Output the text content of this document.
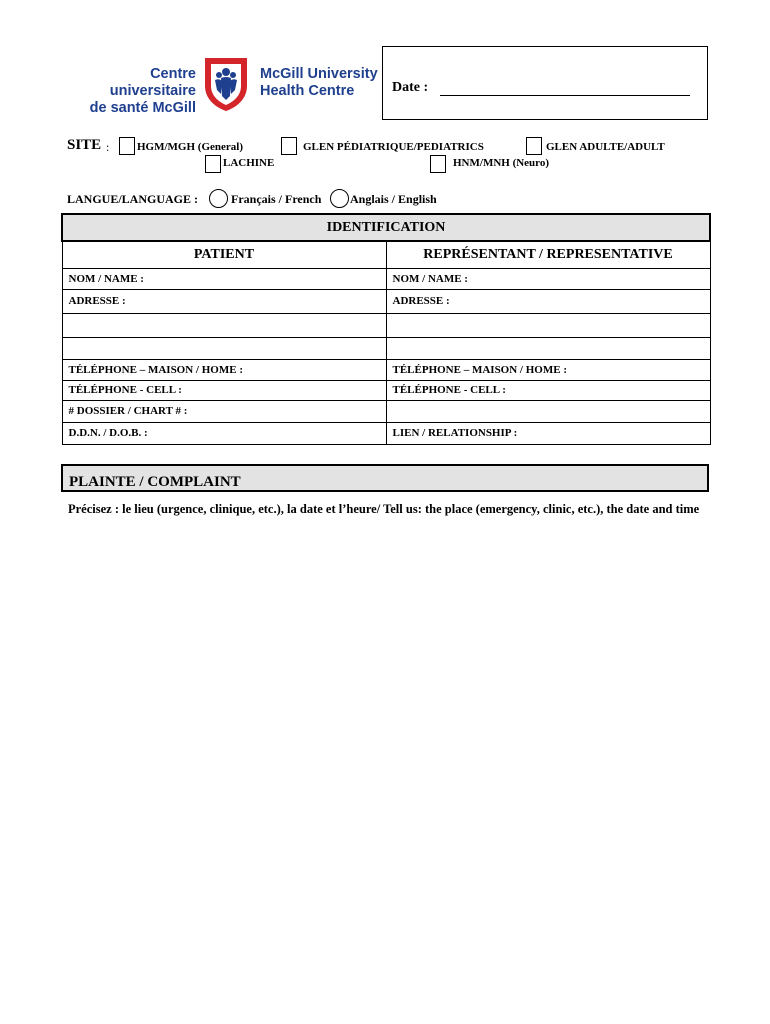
Centre universitaire
de santé McGill
McGill University
Health Centre	Date :
SITE :	HGM/MGH (General)
LACHINE
GLEN PÉDIATRIQUE/PEDIATRICS
HNM/MNH (Neuro)
GLEN ADULTE/ADULT
LANGUE/LANGUAGE :	Français / French Anglais / English
IDENTIFICATION	
PATIENT	REPRÉSENTANT / REPRESENTATIVE
NOM / NAME :	NOM / NAME :
ADRESSE :	ADRESSE :

TÉLÉPHONE – MAISON / HOME :	TÉLÉPHONE – MAISON / HOME :
TÉLÉPHONE - CELL :	TÉLÉPHONE - CELL :
# DOSSIER / CHART # :	
D.D.N. / D.O.B. :	LIEN / RELATIONSHIP :
PLAINTE / COMPLAINT
Précisez : le lieu (urgence, clinique, etc.), la date et l’heure/ Tell us: the place (emergency, clinic, etc.), the date and time
